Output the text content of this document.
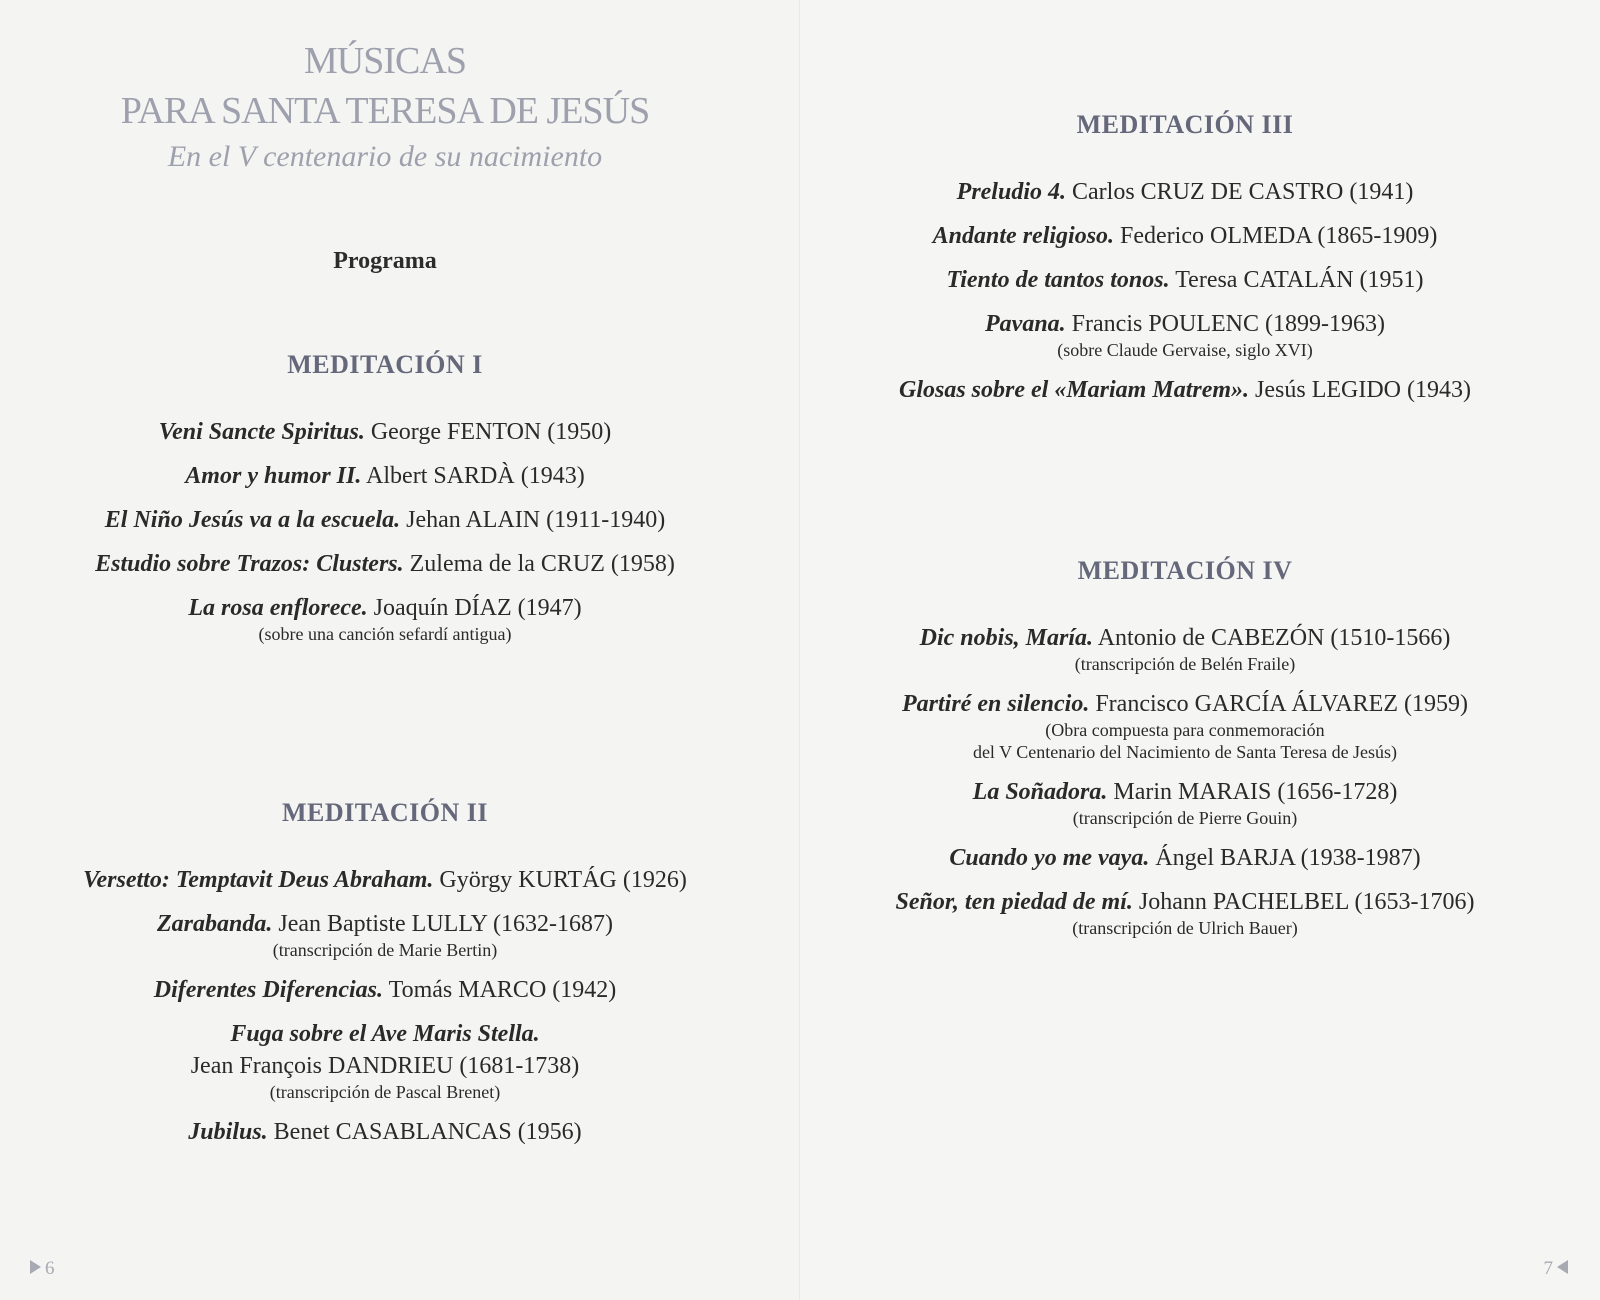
MÚSICAS
PARA SANTA TERESA DE JESÚS
En el V centenario de su nacimiento
Programa
MEDITACIÓN I
Veni Sancte Spiritus. George FENTON (1950)
Amor y humor II. Albert SARDÀ (1943)
El Niño Jesús va a la escuela. Jehan ALAIN (1911-1940)
Estudio sobre Trazos: Clusters. Zulema de la CRUZ (1958)
La rosa enflorece. Joaquín DÍAZ (1947)
(sobre una canción sefardí antigua)
MEDITACIÓN II
Versetto: Temptavit Deus Abraham. György KURTÁG (1926)
Zarabanda. Jean Baptiste LULLY (1632-1687)
(transcripción de Marie Bertin)
Diferentes Diferencias. Tomás MARCO (1942)
Fuga sobre el Ave Maris Stella.
Jean François DANDRIEU (1681-1738)
(transcripción de Pascal Brenet)
Jubilus. Benet CASABLANCAS (1956)
6
MEDITACIÓN III
Preludio 4. Carlos CRUZ DE CASTRO (1941)
Andante religioso. Federico OLMEDA (1865-1909)
Tiento de tantos tonos. Teresa CATALÁN (1951)
Pavana. Francis POULENC (1899-1963)
(sobre Claude Gervaise, siglo XVI)
Glosas sobre el «Mariam Matrem». Jesús LEGIDO (1943)
MEDITACIÓN IV
Dic nobis, María. Antonio de CABEZÓN (1510-1566)
(transcripción de Belén Fraile)
Partiré en silencio. Francisco GARCÍA ÁLVAREZ (1959)
(Obra compuesta para conmemoración
del V Centenario del Nacimiento de Santa Teresa de Jesús)
La Soñadora. Marin MARAIS (1656-1728)
(transcripción de Pierre Gouin)
Cuando yo me vaya. Ángel BARJA (1938-1987)
Señor, ten piedad de mí. Johann PACHELBEL (1653-1706)
(transcripción de Ulrich Bauer)
7
